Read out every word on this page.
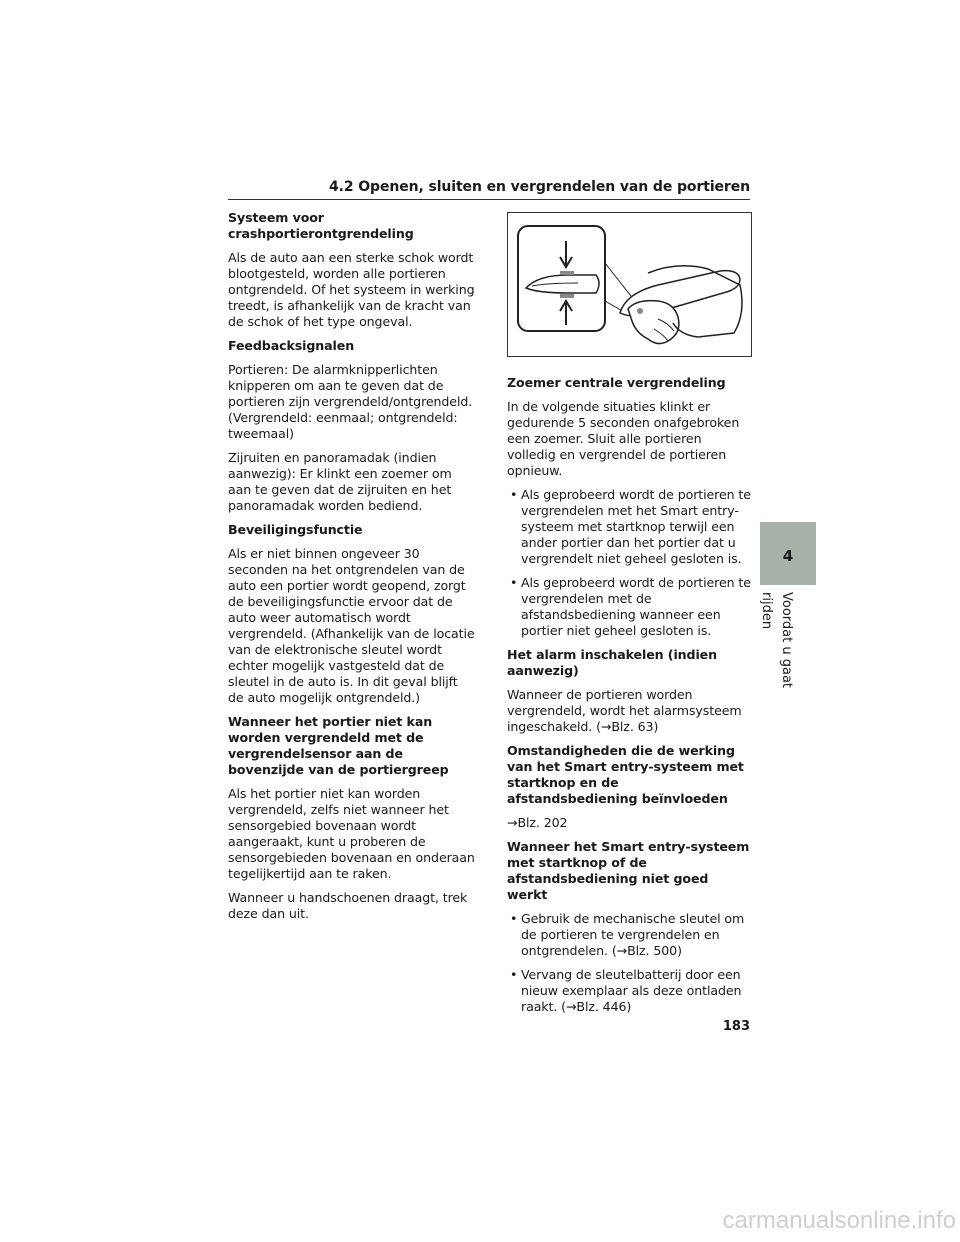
4.2 Openen, sluiten en vergrendelen van de portieren
Systeem voor crashportierontgrendeling
Als de auto aan een sterke schok wordt blootgesteld, worden alle portieren ontgrendeld. Of het systeem in werking treedt, is afhankelijk van de kracht van de schok of het type ongeval.
Feedbacksignalen
Portieren: De alarmknipperlichten knipperen om aan te geven dat de portieren zijn vergrendeld/ontgrendeld. (Vergrendeld: eenmaal; ontgrendeld: tweemaal)
Zijruiten en panoramadak (indien aanwezig): Er klinkt een zoemer om aan te geven dat de zijruiten en het panoramadak worden bediend.
Beveiligingsfunctie
Als er niet binnen ongeveer 30 seconden na het ontgrendelen van de auto een portier wordt geopend, zorgt de beveiligingsfunctie ervoor dat de auto weer automatisch wordt vergrendeld. (Afhankelijk van de locatie van de elektronische sleutel wordt echter mogelijk vastgesteld dat de sleutel in de auto is. In dit geval blijft de auto mogelijk ontgrendeld.)
Wanneer het portier niet kan worden vergrendeld met de vergrendelsensor aan de bovenzijde van de portiergreep
Als het portier niet kan worden vergrendeld, zelfs niet wanneer het sensorgebied bovenaan wordt aangeraakt, kunt u proberen de sensorgebieden bovenaan en onderaan tegelijkertijd aan te raken.
Wanneer u handschoenen draagt, trek deze dan uit.
Zoemer centrale vergrendeling
In de volgende situaties klinkt er gedurende 5 seconden onafgebroken een zoemer. Sluit alle portieren volledig en vergrendel de portieren opnieuw.
• Als geprobeerd wordt de portieren te vergrendelen met het Smart entry-systeem met startknop terwijl een ander portier dan het portier dat u vergrendelt niet geheel gesloten is.
• Als geprobeerd wordt de portieren te vergrendelen met de afstandsbediening wanneer een portier niet geheel gesloten is.
Het alarm inschakelen (indien aanwezig)
Wanneer de portieren worden vergrendeld, wordt het alarmsysteem ingeschakeld. (→Blz. 63)
Omstandigheden die de werking van het Smart entry-systeem met startknop en de afstandsbediening beïnvloeden
→Blz. 202
Wanneer het Smart entry-systeem met startknop of de afstandsbediening niet goed werkt
• Gebruik de mechanische sleutel om de portieren te vergrendelen en ontgrendelen. (→Blz. 500)
• Vervang de sleutelbatterij door een nieuw exemplaar als deze ontladen raakt. (→Blz. 446)
4
Voordat u gaat rijden
183
carmanualsonline.info
